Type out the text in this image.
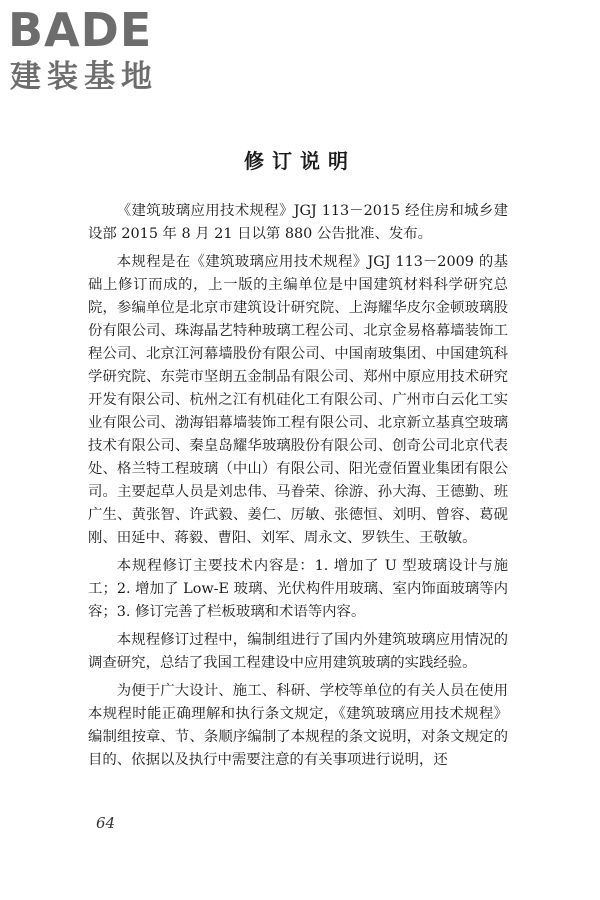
BADE
建装基地
修订说明

《建筑玻璃应用技术规程》JGJ 113－2015 经住房和城乡建设部 2015 年 8 月 21 日以第 880 公告批准、发布。

本规程是在《建筑玻璃应用技术规程》JGJ 113－2009 的基础上修订而成的，上一版的主编单位是中国建筑材料科学研究总院，参编单位是北京市建筑设计研究院、上海耀华皮尔金顿玻璃股份有限公司、珠海晶艺特种玻璃工程公司、北京金易格幕墙装饰工程公司、北京江河幕墙股份有限公司、中国南玻集团、中国建筑科学研究院、东莞市坚朗五金制品有限公司、郑州中原应用技术研究开发有限公司、杭州之江有机硅化工有限公司、广州市白云化工实业有限公司、渤海铝幕墙装饰工程有限公司、北京新立基真空玻璃技术有限公司、秦皇岛耀华玻璃股份有限公司、创奇公司北京代表处、格兰特工程玻璃（中山）有限公司、阳光壹佰置业集团有限公司。主要起草人员是刘忠伟、马眷荣、徐游、孙大海、王德勤、班广生、黄张智、许武毅、姜仁、厉敏、张德恒、刘明、曾容、葛砚刚、田延中、蒋毅、曹阳、刘军、周永文、罗铁生、王敬敏。

本规程修订主要技术内容是：1. 增加了 U 型玻璃设计与施工；2. 增加了 Low-E 玻璃、光伏构件用玻璃、室内饰面玻璃等内容；3. 修订完善了栏板玻璃和术语等内容。

本规程修订过程中，编制组进行了国内外建筑玻璃应用情况的调查研究，总结了我国工程建设中应用建筑玻璃的实践经验。

为便于广大设计、施工、科研、学校等单位的有关人员在使用本规程时能正确理解和执行条文规定，《建筑玻璃应用技术规程》编制组按章、节、条顺序编制了本规程的条文说明，对条文规定的目的、依据以及执行中需要注意的有关事项进行说明，还

64
